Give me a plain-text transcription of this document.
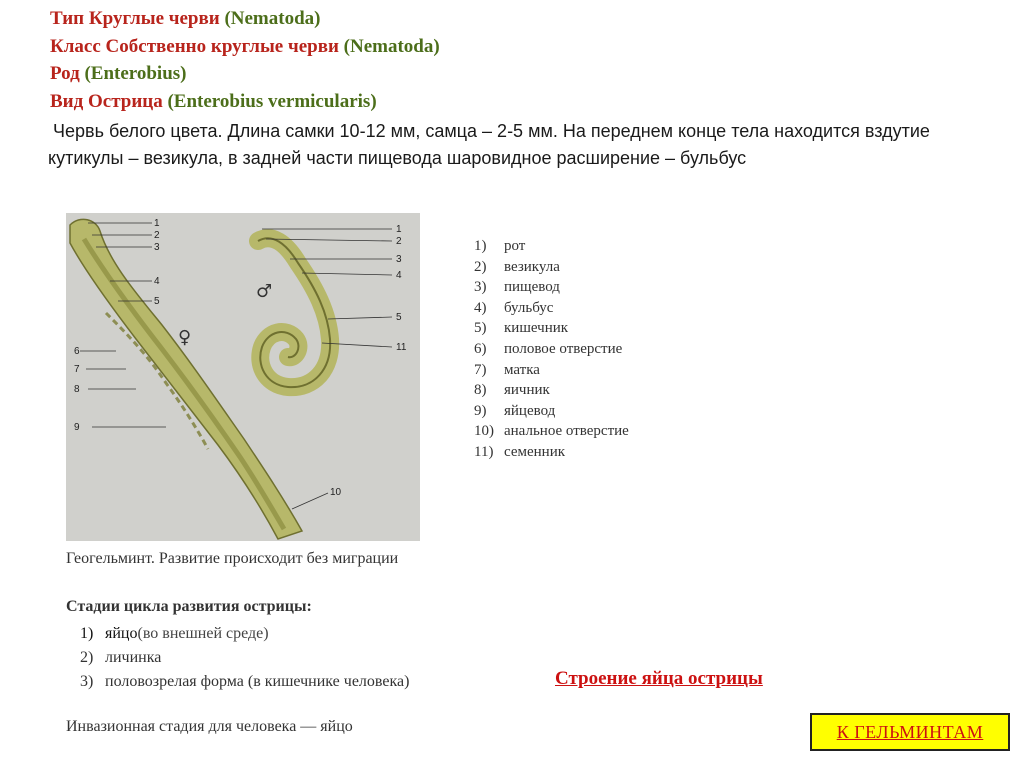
Тип Круглые черви (Nematoda)
Класс Собственно круглые черви (Nematoda)
Род (Enterobius)
Вид Острица (Enterobius vermicularis)
Червь белого цвета. Длина самки 10-12 мм, самца – 2-5 мм. На переднем конце тела находится вздутие кутикулы – везикула, в задней части пищевода шаровидное расширение – бульбус
1
2
3
4
5
6
7
8
9
10
1
2
3
4
5
11
♀
♂
1)	рот
2)	везикула
3)	пищевод
4)	бульбус
5)	кишечник
6)	половое отверстие
7)	матка
8)	яичник
9)	яйцевод
10) анальное отверстие
11) семенник
Геогельминт. Развитие происходит без миграции
Стадии цикла развития острицы:
1) яйцо (во внешней среде)
2) личинка
3) половозрелая форма (в кишечнике человека)
Инвазионная стадия для человека — яйцо
Строение яйца острицы
К ГЕЛЬМИНТАМ
